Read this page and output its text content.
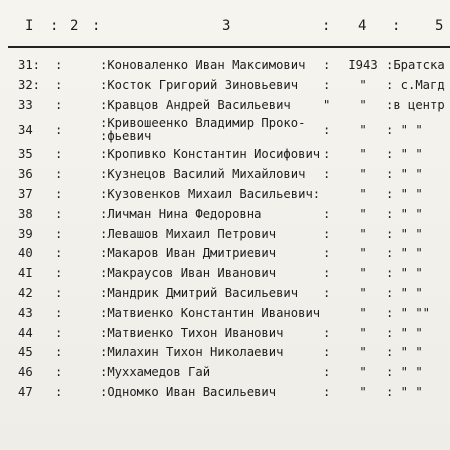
I : 2 :	3	: 4 : 5
31:	:	:Коноваленко Иван Максимович	:	I943 :Братска
32:	:	:Косток Григорий Зиновьевич	:	"	: с.Магд
33	:	:Кравцов Андрей Васильевич	"	"	:в центр
34	:	:Кривошеенко Владимир Проко- :фьевич	:	"	: " "
35	:	:Кропивко Константин Иосифович :	"	: " "
36	:	:Кузнецов Василий Михайлович	:	"	: " "
37	:	:Кузовенков Михаил Васильевич:	"	: " "
38	:	:Личман Нина Федоровна	:	"	: " "
39	:	:Левашов Михаил Петрович	:	"	: " "
40	:	:Макаров Иван Дмитриевич	:	"	: " "
4I	:	:Макраусов Иван Иванович	:	"	: " "
42	:	:Мандрик Дмитрий Васильевич	:	"	: " "
43	:	:Матвиенко Константин Иванович	"	: " ""
44	:	:Матвиенко Тихон Иванович	:	"	: " "
45	:	:Милахин Тихон Николаевич	:	"	: " "
46	:	:Муххамедов Гай	:	"	: " "
47	:	:Одномко Иван Васильевич	:	"	: " "
